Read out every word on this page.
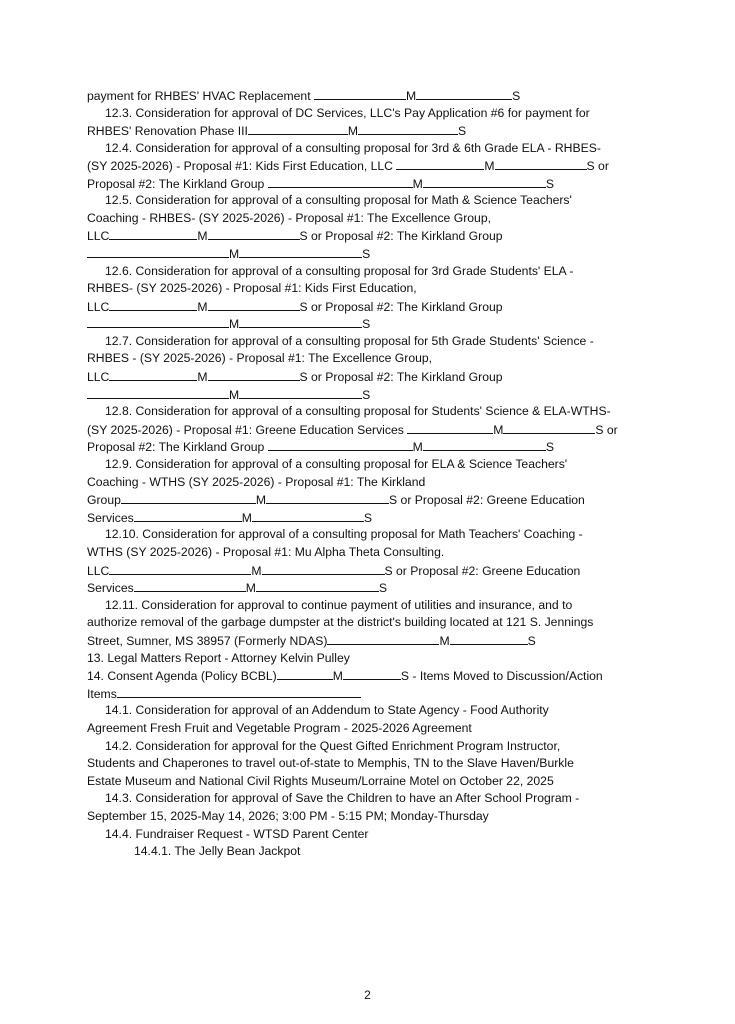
payment for RHBES' HVAC Replacement	M	S
12.3. Consideration for approval of DC Services, LLC's Pay Application #6 for payment for
RHBES' Renovation Phase III	M	S
12.4. Consideration for approval of a consulting proposal for 3rd & 6th Grade ELA - RHBES-
(SY 2025-2026) - Proposal #1: Kids First Education, LLC	M	S or
Proposal #2: The Kirkland Group	M	S
12.5. Consideration for approval of a consulting proposal for Math & Science Teachers'
Coaching - RHBES- (SY 2025-2026) - Proposal #1: The Excellence Group,
LLC	M	S or Proposal #2: The Kirkland Group
M	S
12.6. Consideration for approval of a consulting proposal for 3rd Grade Students' ELA -
RHBES- (SY 2025-2026) - Proposal #1: Kids First Education,
LLC	M	S or Proposal #2: The Kirkland Group
M	S
12.7. Consideration for approval of a consulting proposal for 5th Grade Students' Science -
RHBES - (SY 2025-2026) - Proposal #1: The Excellence Group,
LLC	M	S or Proposal #2: The Kirkland Group
M	S
12.8. Consideration for approval of a consulting proposal for Students' Science & ELA-WTHS-
(SY 2025-2026) - Proposal #1: Greene Education Services	M	S or
Proposal #2: The Kirkland Group	M	S
12.9. Consideration for approval of a consulting proposal for ELA & Science Teachers'
Coaching - WTHS (SY 2025-2026) - Proposal #1: The Kirkland
Group	M	S or Proposal #2: Greene Education
Services	M	S
12.10. Consideration for approval of a consulting proposal for Math Teachers' Coaching -
WTHS (SY 2025-2026) - Proposal #1: Mu Alpha Theta Consulting.
LLC	M	S or Proposal #2: Greene Education
Services	M	S
12.11. Consideration for approval to continue payment of utilities and insurance, and to
authorize removal of the garbage dumpster at the district's building located at 121 S. Jennings
Street, Sumner, MS 38957 (Formerly NDAS)	M	S
13. Legal Matters Report - Attorney Kelvin Pulley
14. Consent Agenda (Policy BCBL)	M	S - Items Moved to Discussion/Action
Items
14.1. Consideration for approval of an Addendum to State Agency - Food Authority
Agreement Fresh Fruit and Vegetable Program - 2025-2026 Agreement
14.2. Consideration for approval for the Quest Gifted Enrichment Program Instructor,
Students and Chaperones to travel out-of-state to Memphis, TN to the Slave Haven/Burkle
Estate Museum and National Civil Rights Museum/Lorraine Motel on October 22, 2025
14.3. Consideration for approval of Save the Children to have an After School Program -
September 15, 2025-May 14, 2026; 3:00 PM - 5:15 PM; Monday-Thursday
14.4. Fundraiser Request - WTSD Parent Center
14.4.1. The Jelly Bean Jackpot
2
